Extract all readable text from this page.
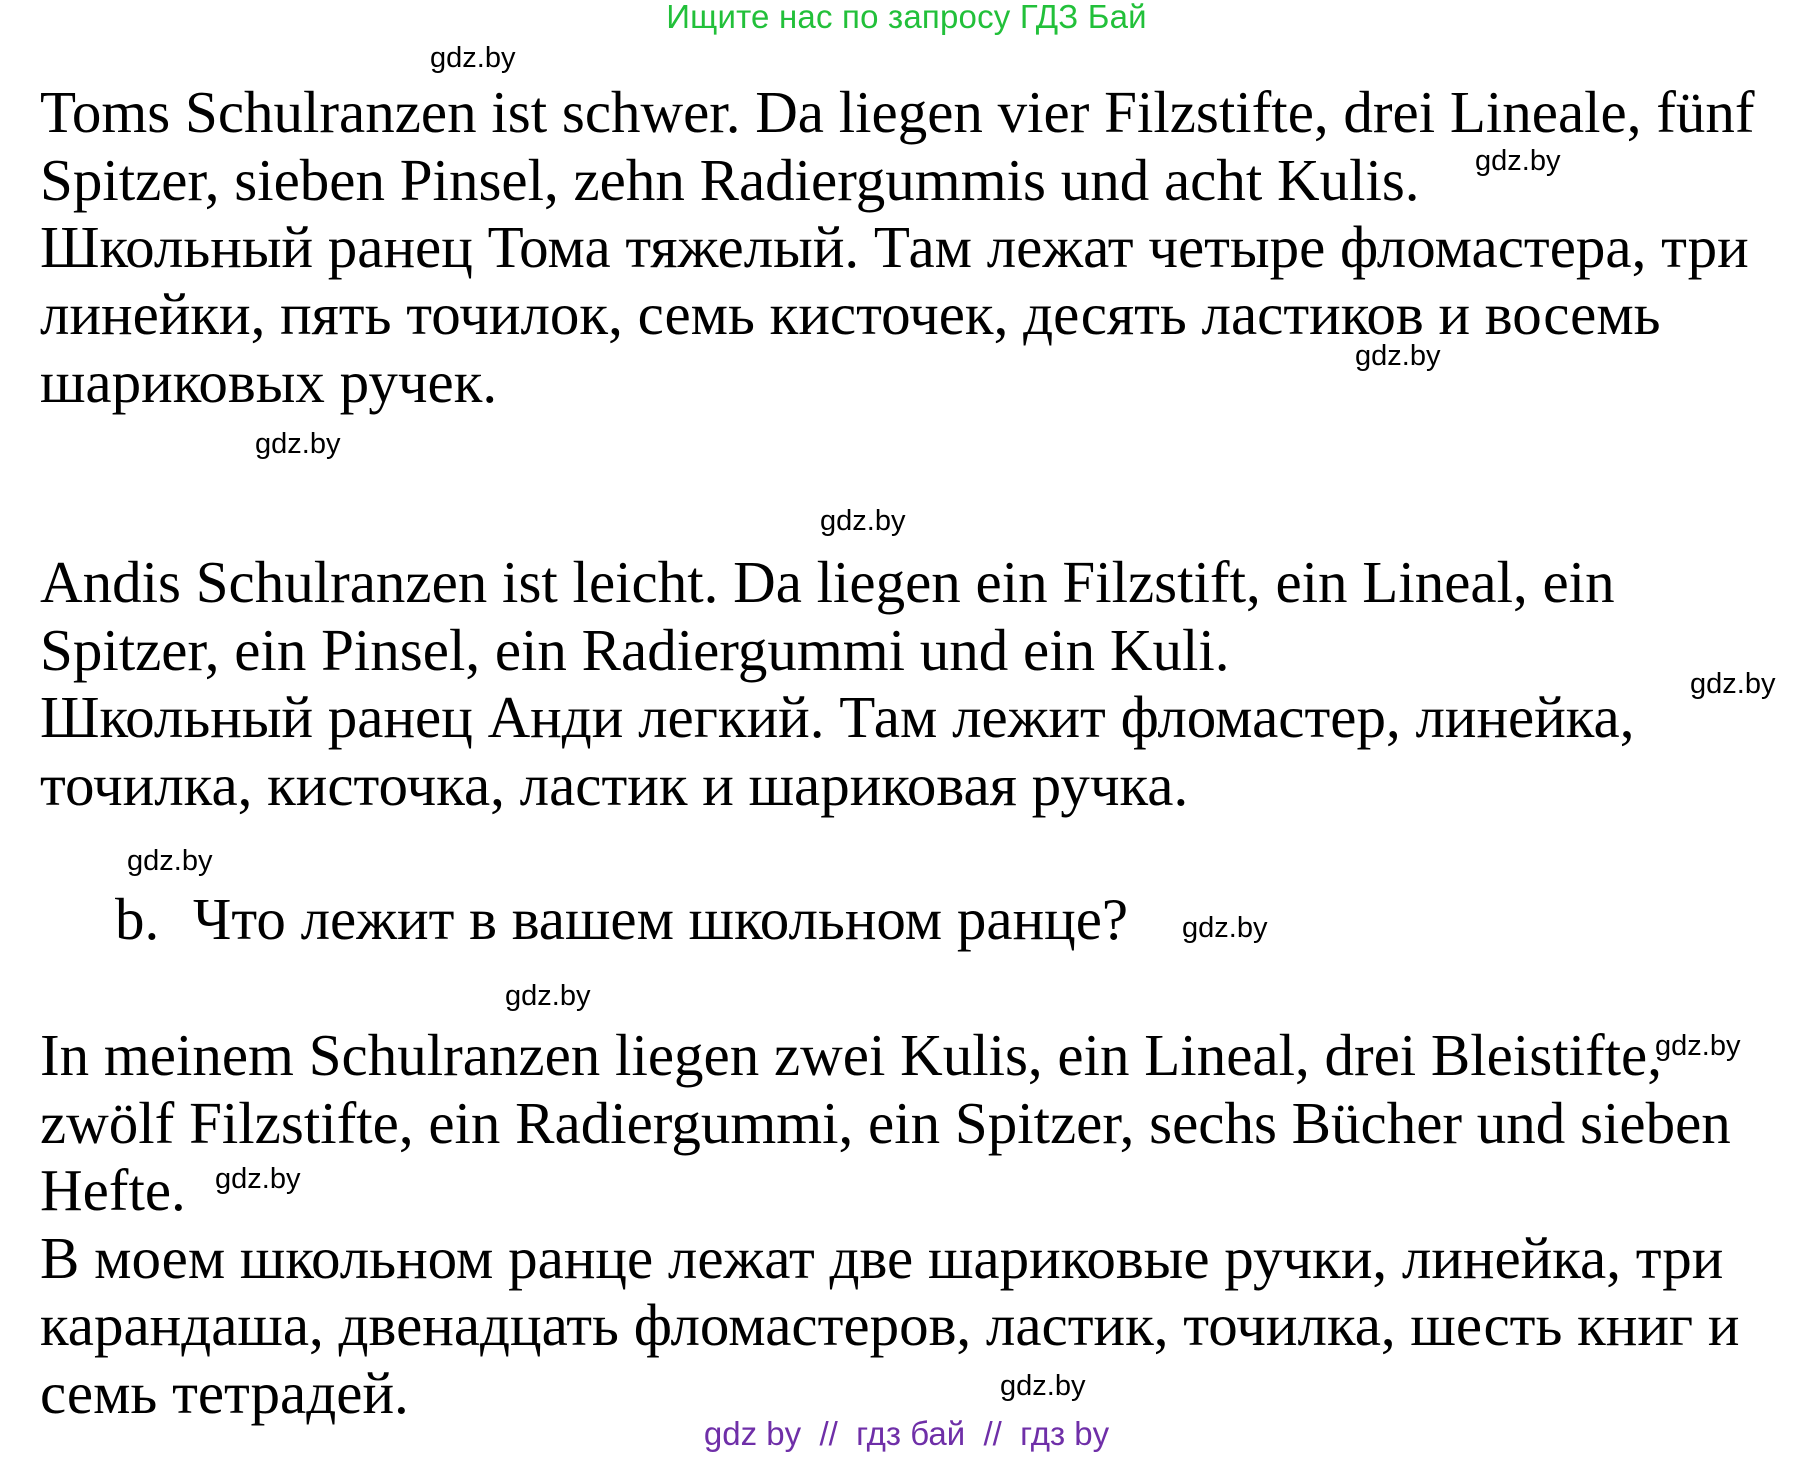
Ищите нас по запросу ГДЗ Бай
Toms Schulranzen ist schwer. Da liegen vier Filzstifte, drei Lineale, fünf
Spitzer, sieben Pinsel, zehn Radiergummis und acht Kulis.
Школьный ранец Тома тяжелый. Там лежат четыре фломастера, три
линейки, пять точилок, семь кисточек, десять ластиков и восемь
шариковых ручек.
Andis Schulranzen ist leicht. Da liegen ein Filzstift, ein Lineal, ein
Spitzer, ein Pinsel, ein Radiergummi und ein Kuli.
Школьный ранец Анди легкий. Там лежит фломастер, линейка,
точилка, кисточка, ластик и шариковая ручка.
b. Что лежит в вашем школьном ранце?
In meinem Schulranzen liegen zwei Kulis, ein Lineal, drei Bleistifte,
zwölf Filzstifte, ein Radiergummi, ein Spitzer, sechs Bücher und sieben
Hefte.
В моем школьном ранце лежат две шариковые ручки, линейка, три
карандаша, двенадцать фломастеров, ластик, точилка, шесть книг и
семь тетрадей.
gdz.by
gdz.by
gdz.by
gdz.by
gdz.by
gdz.by
gdz.by
gdz.by
gdz.by
gdz.by
gdz.by
gdz.by
gdz by  //  гдз бай  //  гдз by
